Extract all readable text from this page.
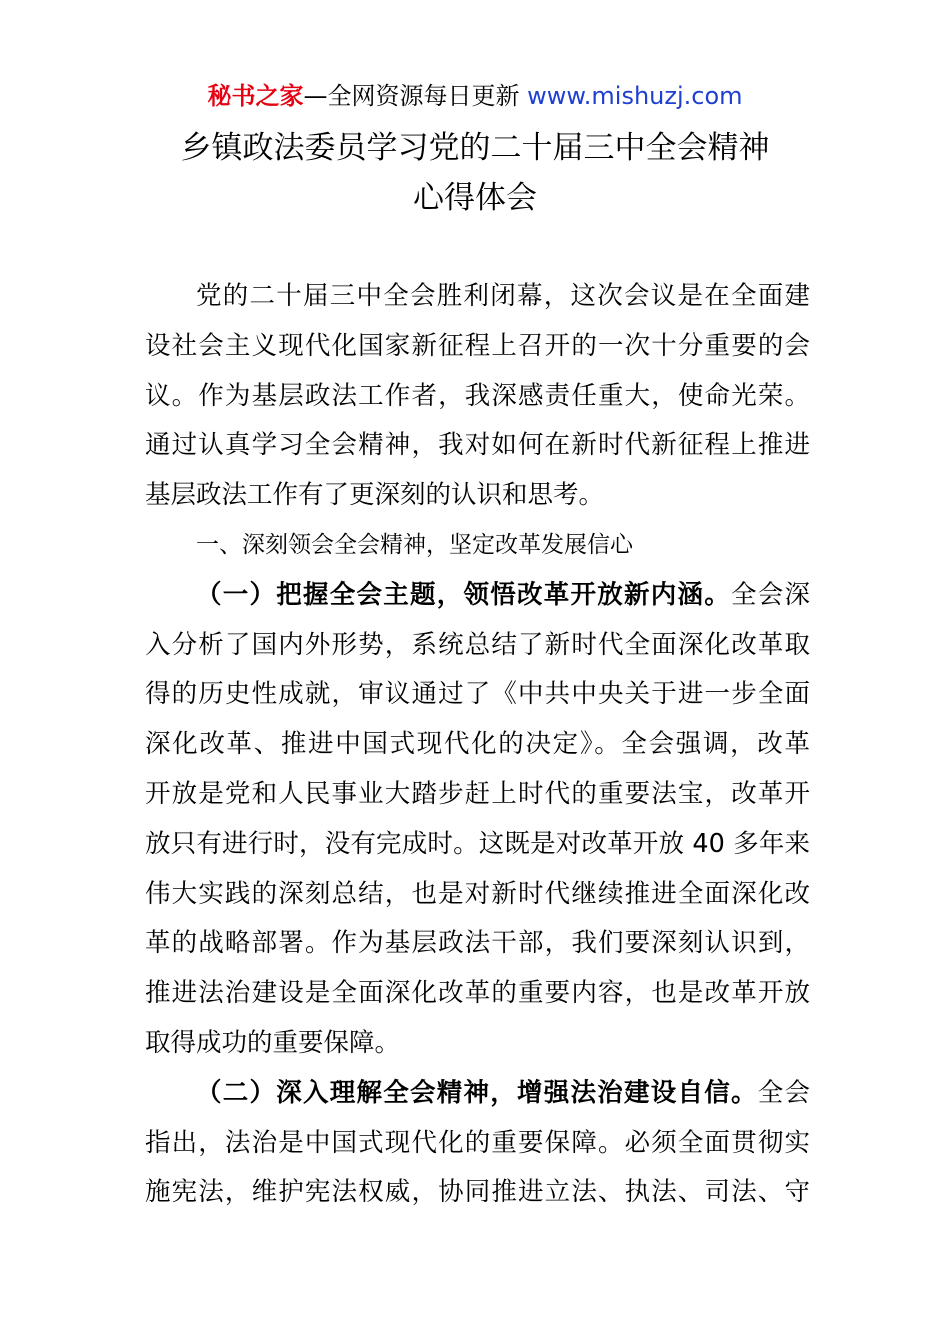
秘书之家—全网资源每日更新 www.mishuzj.com
乡镇政法委员学习党的二十届三中全会精神
心得体会
党的二十届三中全会胜利闭幕，这次会议是在全面建
设社会主义现代化国家新征程上召开的一次十分重要的会
议。作为基层政法工作者，我深感责任重大，使命光荣。
通过认真学习全会精神，我对如何在新时代新征程上推进
基层政法工作有了更深刻的认识和思考。
一、深刻领会全会精神，坚定改革发展信心
（一）把握全会主题，领悟改革开放新内涵。全会深
入分析了国内外形势，系统总结了新时代全面深化改革取
得的历史性成就，审议通过了《中共中央关于进一步全面
深化改革、推进中国式现代化的决定》。全会强调，改革
开放是党和人民事业大踏步赶上时代的重要法宝，改革开
放只有进行时，没有完成时。这既是对改革开放 40 多年来
伟大实践的深刻总结，也是对新时代继续推进全面深化改
革的战略部署。作为基层政法干部，我们要深刻认识到，
推进法治建设是全面深化改革的重要内容，也是改革开放
取得成功的重要保障。
（二）深入理解全会精神，增强法治建设自信。全会
指出，法治是中国式现代化的重要保障。必须全面贯彻实
施宪法，维护宪法权威，协同推进立法、执法、司法、守
